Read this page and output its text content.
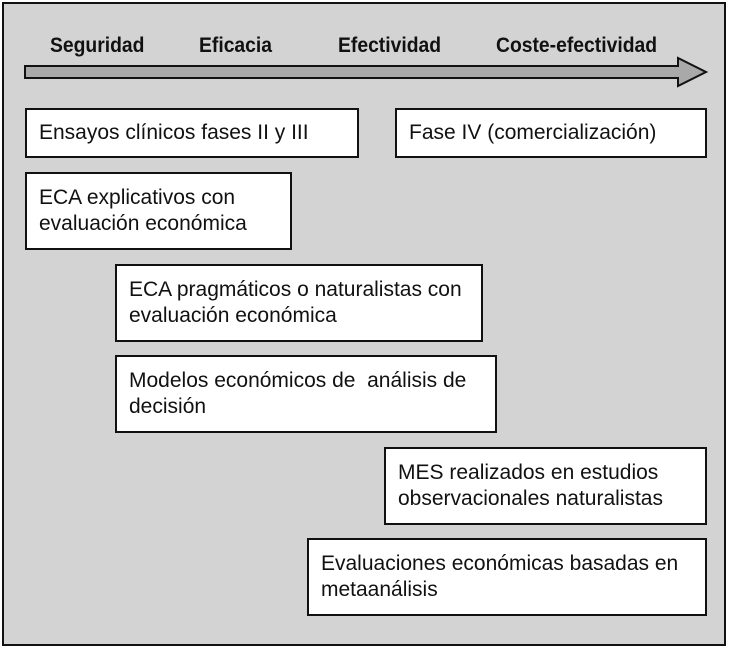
Seguridad	Eficacia	Efectividad	Coste-efectividad
Ensayos clínicos fases II y III	Fase IV (comercialización)
ECA explicativos con evaluación económica
ECA pragmáticos o naturalistas con evaluación económica
Modelos económicos de  análisis de decisión
MES realizados en estudios observacionales naturalistas
Evaluaciones económicas basadas en metaanálisis
